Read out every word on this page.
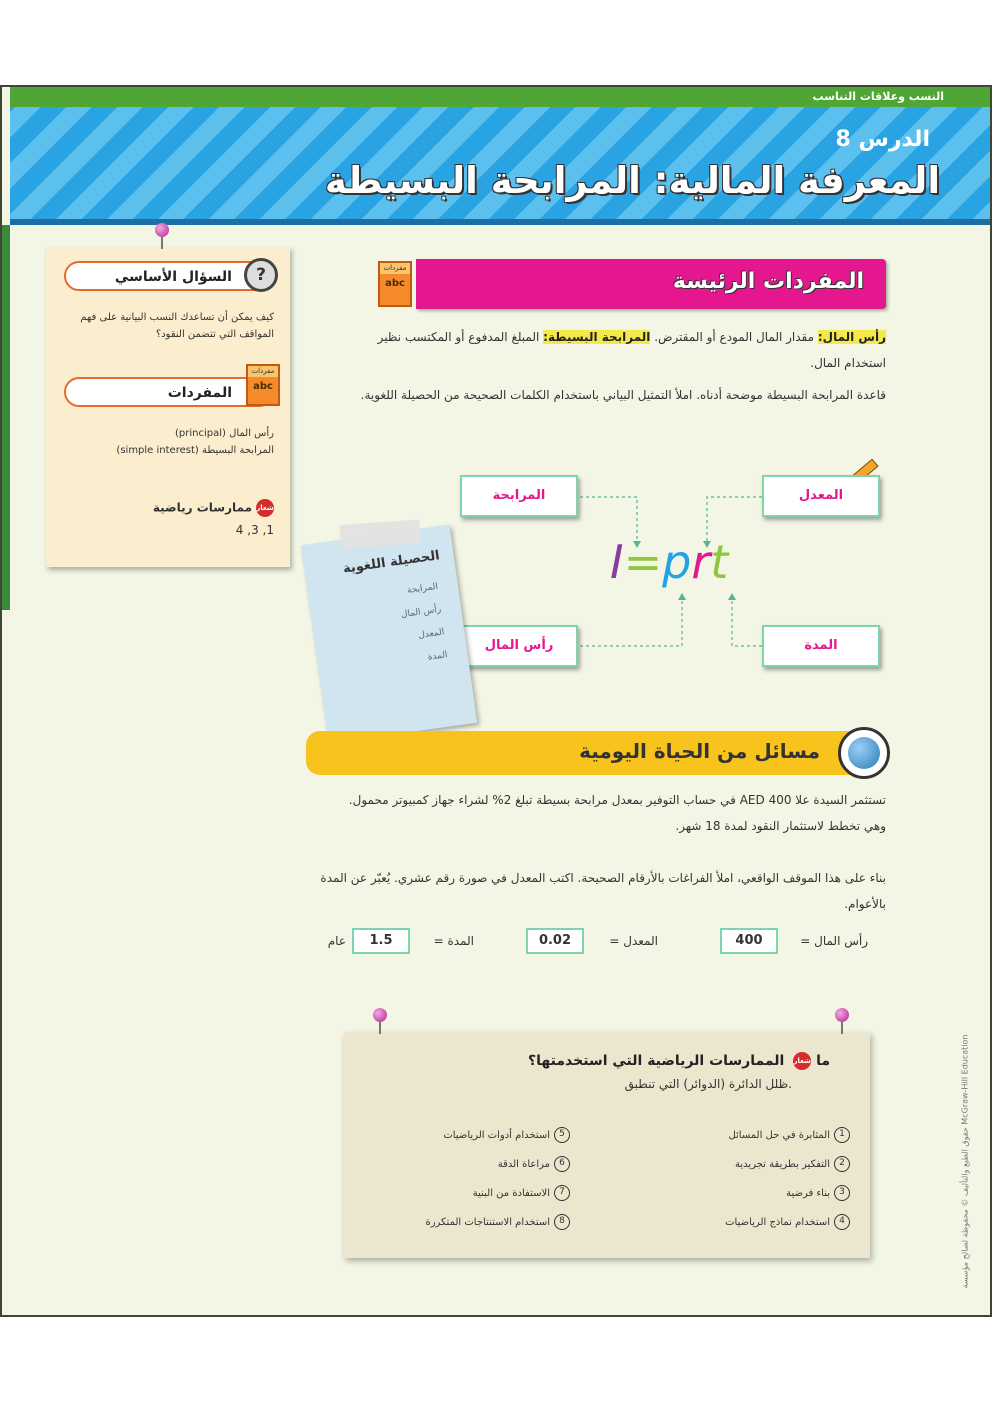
النسب وعلاقات التناسب
الدرس 8
المعرفة المالية: المرابحة البسيطة
?
السؤال الأساسي
كيف يمكن أن تساعدك النسب البيانية على فهم المواقف التي تتضمن النقود؟
مفردات
abc
المفردات
رأس المال (principal)
المرابحة البسيطة (simple interest)
شعارممارسات رياضية
1, 3, 4
المفردات الرئيسة
مفردات
abc
رأس المال: مقدار المال المودع أو المقترض. المرابحة البسيطة: المبلغ المدفوع أو المكتسب نظير استخدام المال.
قاعدة المرابحة البسيطة موضحة أدناه. املأ التمثيل البياني باستخدام الكلمات الصحيحة من الحصيلة اللغوية.
المرابحة	المعدل
رأس المال	المدة
I=prt
الحصيلة اللغوية
المرابحة
رأس المال
المعدل
المدة
مسائل من الحياة اليومية
تستثمر السيدة علا 400 AED في حساب التوفير بمعدل مرابحة بسيطة تبلغ 2% لشراء جهاز كمبيوتر محمول.
وهي تخطط لاستثمار النقود لمدة 18 شهر.
بناء على هذا الموقف الواقعي، املأ الفراغات بالأرقام الصحيحة. اكتب المعدل في صورة رقم عشري. يُعبّر عن المدة بالأعوام.
رأس المال =
400
المعدل =
0.02
المدة =
1.5
عام
ما شعار الممارسات الرياضية التي استخدمتها؟
ظلل الدائرة (الدوائر) التي تنطبق.
1المثابرة في حل المسائل
2التفكير بطريقة تجريدية
3بناء فرضية
4استخدام نماذج الرياضيات
5استخدام أدوات الرياضيات
6مراعاة الدقة
7الاستفادة من البنية
8استخدام الاستنتاجات المتكررة	حقوق الطبع والتأليف © محفوظة لصالح مؤسسة McGraw-Hill Education
